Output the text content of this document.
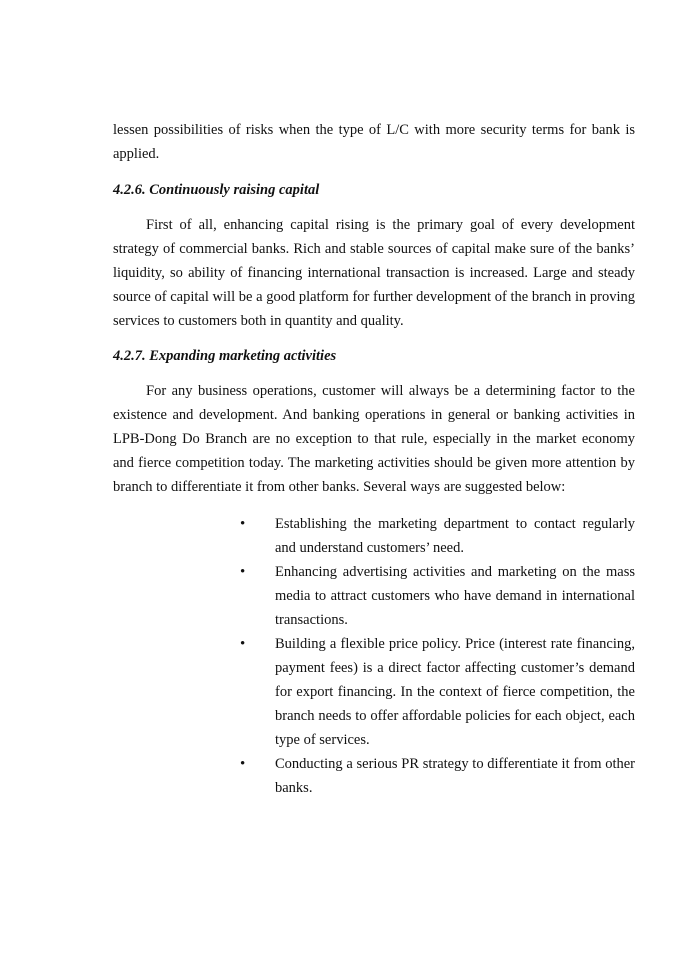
lessen possibilities of risks when the type of L/C with more security terms for bank is applied.

4.2.6. Continuously raising capital

First of all, enhancing capital rising is the primary goal of every development strategy of commercial banks. Rich and stable sources of capital make sure of the banks’ liquidity, so ability of financing international transaction is increased. Large and steady source of capital will be a good platform for further development of the branch in proving services to customers both in quantity and quality.

4.2.7. Expanding marketing activities

For any business operations, customer will always be a determining factor to the existence and development. And banking operations in general or banking activities in LPB-Dong Do Branch are no exception to that rule, especially in the market economy and fierce competition today. The marketing activities should be given more attention by branch to differentiate it from other banks. Several ways are suggested below:

• Establishing the marketing department to contact regularly and understand customers’ need.
• Enhancing advertising activities and marketing on the mass media to attract customers who have demand in international transactions.
• Building a flexible price policy. Price (interest rate financing, payment fees) is a direct factor affecting customer’s demand for export financing. In the context of fierce competition, the branch needs to offer affordable policies for each object, each type of services.
• Conducting a serious PR strategy to differentiate it from other banks.
